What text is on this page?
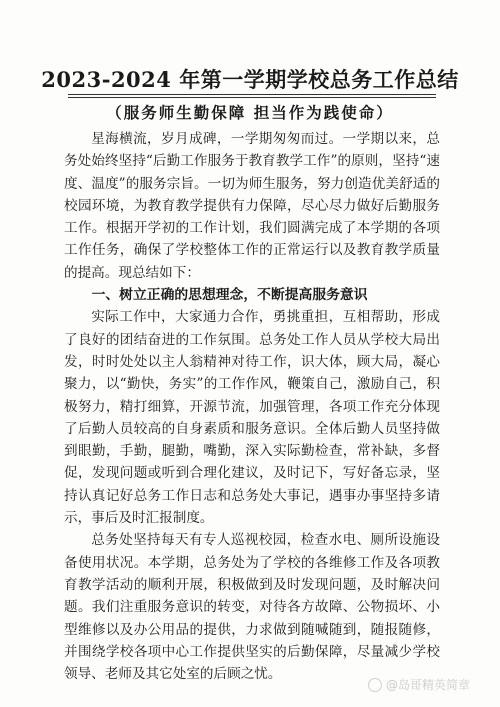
2023-2024 年第一学期学校总务工作总结
（服务师生勤保障 担当作为践使命）

星海横流，岁月成碑，一学期匆匆而过。一学期以来，总务处始终坚持“后勤工作服务于教育教学工作”的原则，坚持“速度、温度”的服务宗旨。一切为师生服务，努力创造优美舒适的校园环境，为教育教学提供有力保障，尽心尽力做好后勤服务工作。根据开学初的工作计划，我们圆满完成了本学期的各项工作任务，确保了学校整体工作的正常运行以及教育教学质量的提高。现总结如下：

一、树立正确的思想理念，不断提高服务意识

实际工作中，大家通力合作，勇挑重担，互相帮助，形成了良好的团结奋进的工作氛围。总务处工作人员从学校大局出发，时时处处以主人翁精神对待工作，识大体，顾大局，凝心聚力，以“勤快，务实”的工作作风，鞭策自己，激励自己，积极努力，精打细算，开源节流，加强管理，各项工作充分体现了后勤人员较高的自身素质和服务意识。全体后勤人员坚持做到眼勤，手勤，腿勤，嘴勤，深入实际勤检查，常补缺，多督促，发现问题或听到合理化建议，及时记下，写好备忘录，坚持认真记好总务工作日志和总务处大事记，遇事办事坚持多请示，事后及时汇报制度。

总务处坚持每天有专人巡视校园，检查水电、厕所设施设备使用状况。本学期，总务处为了学校的各维修工作及各项教育教学活动的顺利开展，积极做到及时发现问题，及时解决问题。我们注重服务意识的转变，对待各方故障、公物损坏、小型维修以及办公用品的提供，力求做到随喊随到，随报随修，并围绕学校各项中心工作提供坚实的后勤保障，尽量减少学校领导、老师及其它处室的后顾之忧。

@岛哥精英简章
